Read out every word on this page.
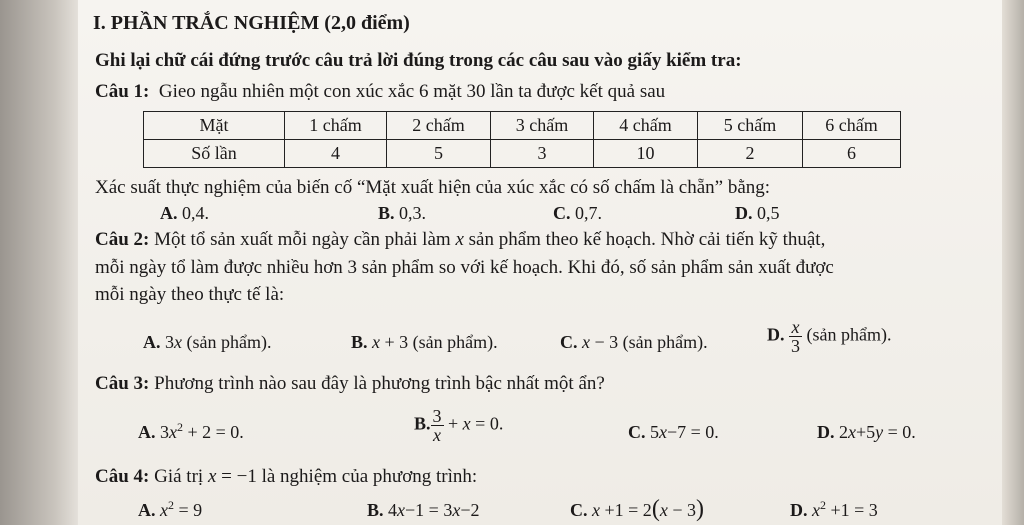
I. PHẦN TRẮC NGHIỆM (2,0 điểm)
Ghi lại chữ cái đứng trước câu trả lời đúng trong các câu sau vào giấy kiểm tra:
Câu 1: Gieo ngẫu nhiên một con xúc xắc 6 mặt 30 lần ta được kết quả sau
Mặt	1 chấm	2 chấm	3 chấm	4 chấm	5 chấm	6 chấm
Số lần	4	5	3	10	2	6
Xác suất thực nghiệm của biến cố “Mặt xuất hiện của xúc xắc có số chấm là chẵn” bằng:
A. 0,4.	B. 0,3.	C. 0,7.	D. 0,5
Câu 2: Một tổ sản xuất mỗi ngày cần phải làm x sản phẩm theo kế hoạch. Nhờ cải tiến kỹ thuật,
mỗi ngày tổ làm được nhiều hơn 3 sản phẩm so với kế hoạch. Khi đó, số sản phẩm sản xuất được
mỗi ngày theo thực tế là:
A. 3x (sản phẩm).	B. x + 3 (sản phẩm).	C. x − 3 (sản phẩm).	D. $\frac{x}{3}$ (sản phẩm).
Câu 3: Phương trình nào sau đây là phương trình bậc nhất một ẩn?
A. $3x^2 + 2 = 0$.	B. $\frac{3}{x} + x = 0$.	C. 5x−7 = 0.	D. 2x+5y = 0.
Câu 4: Giá trị x = −1 là nghiệm của phương trình:
A. $x^2 = 9$	B. 4x−1 = 3x−2	C. x +1 = 2(x − 3)	D. $x^2 +1 = 3$
